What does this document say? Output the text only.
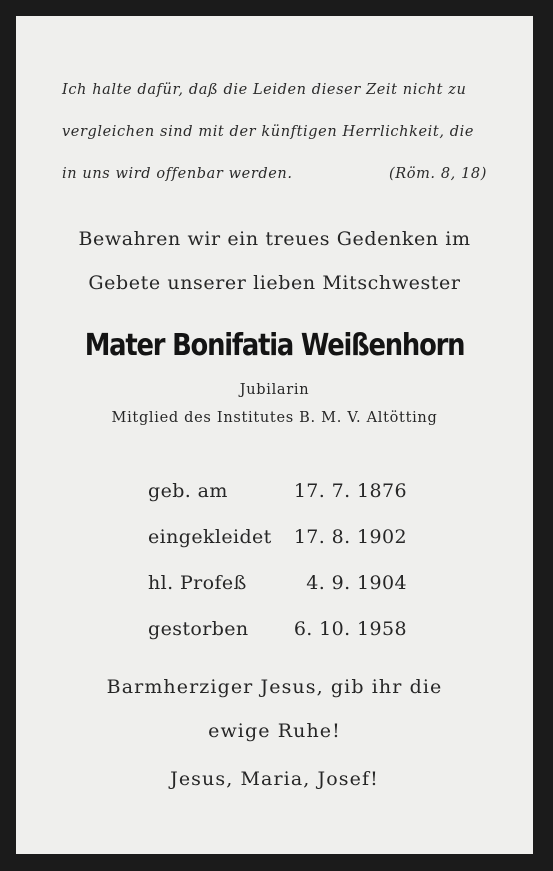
Ich halte dafür, daß die Leiden dieser Zeit nicht zu
vergleichen sind mit der künftigen Herrlichkeit, die
in uns wird offenbar werden.	(Röm. 8, 18)
Bewahren wir ein treues Gedenken im
Gebete unserer lieben Mitschwester
Mater Bonifatia Weißenhorn
Jubilarin
Mitglied des Institutes B. M. V. Altötting
geb. am	17. 7. 1876
eingekleidet	17. 8. 1902
hl. Profeß	4. 9. 1904
gestorben	6. 10. 1958
Barmherziger Jesus, gib ihr die
ewige Ruhe!
Jesus, Maria, Josef!
